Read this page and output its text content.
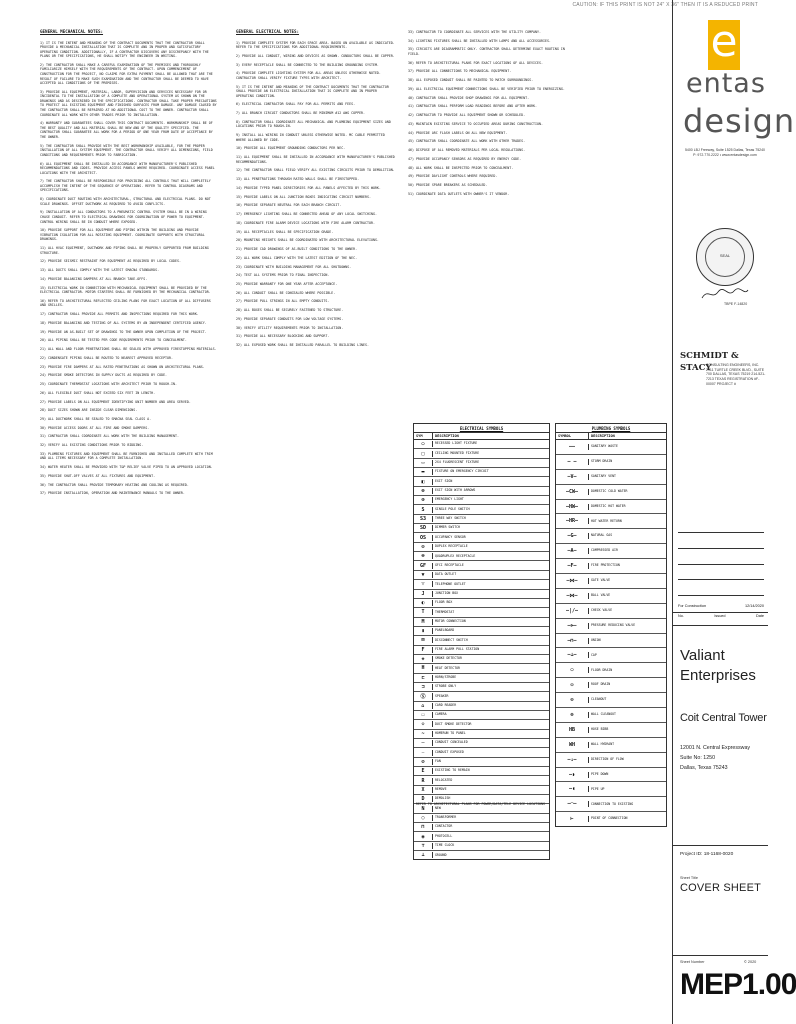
CAUTION: IF THIS PRINT IS NOT 24" X 36" THEN IT IS A REDUCED PRINT
GENERAL MECHANICAL NOTES:

1) IT IS THE INTENT AND MEANING OF THE CONTRACT DOCUMENTS THAT THE CONTRACTOR SHALL PROVIDE A MECHANICAL INSTALLATION THAT IS COMPLETE AND IN PROPER AND SATISFACTORY OPERATING CONDITION. ADDITIONALLY, IF A CONTRACTOR DISCOVERS ANY DISCREPANCY WITH THE PLANS OR THE SPECIFICATIONS, HE SHALL NOTIFY THE ENGINEER IN WRITING.

2) THE CONTRACTOR SHALL MAKE A CAREFUL EXAMINATION OF THE PREMISES AND THOROUGHLY FAMILIARIZE HIMSELF WITH THE REQUIREMENTS OF THE CONTRACT. UPON COMMENCEMENT OF CONSTRUCTION FOR THE PROJECT, NO CLAIMS FOR EXTRA PAYMENT SHALL BE ALLOWED THAT ARE THE RESULT OF FAILURE TO MAKE SUCH EXAMINATION AND THE CONTRACTOR SHALL BE DEEMED TO HAVE ACCEPTED ALL CONDITIONS OF THE PREMISES.

3) PROVIDE ALL EQUIPMENT, MATERIAL, LABOR, SUPERVISION AND SERVICES NECESSARY FOR OR INCIDENTAL TO THE INSTALLATION OF A COMPLETE AND OPERATIONAL SYSTEM AS SHOWN ON THE DRAWINGS AND AS DESCRIBED IN THE SPECIFICATIONS. CONTRACTOR SHALL TAKE PROPER PRECAUTIONS TO PROTECT ALL EXISTING EQUIPMENT AND FINISHED SURFACES FROM DAMAGE. ANY DAMAGE CAUSED BY THE CONTRACTOR SHALL BE REPAIRED AT NO ADDITIONAL COST TO THE OWNER. CONTRACTOR SHALL COORDINATE ALL WORK WITH OTHER TRADES PRIOR TO INSTALLATION.

4) WARRANTY AND GUARANTEES SHALL COVER THIS CONTRACT DOCUMENTS. WORKMANSHIP SHALL BE OF THE BEST QUALITY AND ALL MATERIAL SHALL BE NEW AND OF THE QUALITY SPECIFIED. THE CONTRACTOR SHALL GUARANTEE ALL WORK FOR A PERIOD OF ONE YEAR FROM DATE OF ACCEPTANCE BY THE OWNER.

5) THE CONTRACTOR SHALL PROVIDE WITH THE BEST WORKMANSHIP AVAILABLE, FOR THE PROPER INSTALLATION OF ALL SYSTEM EQUIPMENT. THE CONTRACTOR SHALL VERIFY ALL DIMENSIONS, FIELD CONDITIONS AND REQUIREMENTS PRIOR TO FABRICATION.

6) ALL EQUIPMENT SHALL BE INSTALLED IN ACCORDANCE WITH MANUFACTURER'S PUBLISHED RECOMMENDATIONS AND CODES. PROVIDE ACCESS PANELS WHERE REQUIRED. COORDINATE ACCESS PANEL LOCATIONS WITH THE ARCHITECT.

7) THE CONTRACTOR SHALL BE RESPONSIBLE FOR PROVIDING ALL CONTROLS THAT WILL COMPLETELY ACCOMPLISH THE INTENT OF THE SEQUENCE OF OPERATIONS. REFER TO CONTROL DIAGRAMS AND SPECIFICATIONS.

8) COORDINATE DUCT ROUTING WITH ARCHITECTURAL, STRUCTURAL AND ELECTRICAL PLANS. DO NOT SCALE DRAWINGS. OFFSET DUCTWORK AS REQUIRED TO AVOID CONFLICTS.

9) INSTALLATION OF ALL CONDUCTORS TO A PNEUMATIC CONTROL SYSTEM SHALL BE IN A WIRING CHASE CONDUIT. REFER TO ELECTRICAL DRAWINGS FOR COORDINATION OF POWER TO EQUIPMENT. CONTROL WIRING SHALL BE IN CONDUIT WHERE EXPOSED.

10) PROVIDE SUPPORT FOR ALL EQUIPMENT AND PIPING WITHIN THE BUILDING AND PROVIDE VIBRATION ISOLATION FOR ALL ROTATING EQUIPMENT. COORDINATE SUPPORTS WITH STRUCTURAL DRAWINGS.

11) ALL HVAC EQUIPMENT, DUCTWORK AND PIPING SHALL BE PROPERLY SUPPORTED FROM BUILDING STRUCTURE.

12) PROVIDE SEISMIC RESTRAINT FOR EQUIPMENT AS REQUIRED BY LOCAL CODES.

13) ALL DUCTS SHALL COMPLY WITH THE LATEST SMACNA STANDARDS.

14) PROVIDE BALANCING DAMPERS AT ALL BRANCH TAKE-OFFS.

15) ELECTRICAL WORK IN CONNECTION WITH MECHANICAL EQUIPMENT SHALL BE PROVIDED BY THE ELECTRICAL CONTRACTOR. MOTOR STARTERS SHALL BE FURNISHED BY THE MECHANICAL CONTRACTOR.

16) REFER TO ARCHITECTURAL REFLECTED CEILING PLANS FOR EXACT LOCATION OF ALL DIFFUSERS AND GRILLES.

17) CONTRACTOR SHALL PROVIDE ALL PERMITS AND INSPECTIONS REQUIRED FOR THIS WORK.

18) PROVIDE BALANCING AND TESTING OF ALL SYSTEMS BY AN INDEPENDENT CERTIFIED AGENCY.

19) PROVIDE AN AS-BUILT SET OF DRAWINGS TO THE OWNER UPON COMPLETION OF THE PROJECT.

20) ALL PIPING SHALL BE TESTED PER CODE REQUIREMENTS PRIOR TO CONCEALMENT.

21) ALL WALL AND FLOOR PENETRATIONS SHALL BE SEALED WITH APPROVED FIRESTOPPING MATERIALS.

22) CONDENSATE PIPING SHALL BE ROUTED TO NEAREST APPROVED RECEPTOR.

23) PROVIDE FIRE DAMPERS AT ALL RATED PENETRATIONS AS SHOWN ON ARCHITECTURAL PLANS.

24) PROVIDE SMOKE DETECTORS IN SUPPLY DUCTS AS REQUIRED BY CODE.

25) COORDINATE THERMOSTAT LOCATIONS WITH ARCHITECT PRIOR TO ROUGH-IN.

26) ALL FLEXIBLE DUCT SHALL NOT EXCEED SIX FEET IN LENGTH.

27) PROVIDE LABELS ON ALL EQUIPMENT IDENTIFYING UNIT NUMBER AND AREA SERVED.

28) DUCT SIZES SHOWN ARE INSIDE CLEAR DIMENSIONS.

29) ALL DUCTWORK SHALL BE SEALED TO SMACNA SEAL CLASS A.

30) PROVIDE ACCESS DOORS AT ALL FIRE AND SMOKE DAMPERS.

31) CONTRACTOR SHALL COORDINATE ALL WORK WITH THE BUILDING MANAGEMENT.

32) VERIFY ALL EXISTING CONDITIONS PRIOR TO BIDDING.

33) PLUMBING FIXTURES AND EQUIPMENT SHALL BE FURNISHED AND INSTALLED COMPLETE WITH TRIM AND ALL ITEMS NECESSARY FOR A COMPLETE INSTALLATION.

34) WATER HEATER SHALL BE PROVIDED WITH T&P RELIEF VALVE PIPED TO AN APPROVED LOCATION.

35) PROVIDE SHUT-OFF VALVES AT ALL FIXTURES AND EQUIPMENT.

36) THE CONTRACTOR SHALL PROVIDE TEMPORARY HEATING AND COOLING AS REQUIRED.

37) PROVIDE INSTALLATION, OPERATION AND MAINTENANCE MANUALS TO THE OWNER.

GENERAL ELECTRICAL NOTES:

1) PROVIDE COMPLETE SYSTEM FOR EACH SPACE AREA. BASED ON AVAILABLE AS INDICATED. REFER TO THE SPECIFICATIONS FOR ADDITIONAL REQUIREMENTS.

2) PROVIDE ALL CONDUIT, WIRING AND DEVICES AS SHOWN. CONDUCTORS SHALL BE COPPER.

3) EVERY RECEPTACLE SHALL BE CONNECTED TO THE BUILDING GROUNDING SYSTEM.

4) PROVIDE COMPLETE LIGHTING SYSTEM FOR ALL AREAS UNLESS OTHERWISE NOTED. CONTRACTOR SHALL VERIFY FIXTURE TYPES WITH ARCHITECT.

5) IT IS THE INTENT AND MEANING OF THE CONTRACT DOCUMENTS THAT THE CONTRACTOR SHALL PROVIDE AN ELECTRICAL INSTALLATION THAT IS COMPLETE AND IN PROPER OPERATING CONDITION.

6) ELECTRICAL CONTRACTOR SHALL PAY FOR ALL PERMITS AND FEES.

7) ALL BRANCH CIRCUIT CONDUCTORS SHALL BE MINIMUM #12 AWG COPPER.

8) CONTRACTOR SHALL COORDINATE ALL MECHANICAL AND PLUMBING EQUIPMENT SIZES AND LOCATIONS PRIOR TO ROUGH-IN.

9) INSTALL ALL WIRING IN CONDUIT UNLESS OTHERWISE NOTED. MC CABLE PERMITTED WHERE ALLOWED BY CODE.

10) PROVIDE ALL EQUIPMENT GROUNDING CONDUCTORS PER NEC.

11) ALL EQUIPMENT SHALL BE INSTALLED IN ACCORDANCE WITH MANUFACTURER'S PUBLISHED RECOMMENDATIONS.

12) THE CONTRACTOR SHALL FIELD VERIFY ALL EXISTING CIRCUITS PRIOR TO DEMOLITION.

13) ALL PENETRATIONS THROUGH RATED WALLS SHALL BE FIRESTOPPED.

14) PROVIDE TYPED PANEL DIRECTORIES FOR ALL PANELS AFFECTED BY THIS WORK.

15) PROVIDE LABELS ON ALL JUNCTION BOXES INDICATING CIRCUIT NUMBERS.

16) PROVIDE SEPARATE NEUTRAL FOR EACH BRANCH CIRCUIT.

17) EMERGENCY LIGHTING SHALL BE CONNECTED AHEAD OF ANY LOCAL SWITCHING.

18) COORDINATE FIRE ALARM DEVICE LOCATIONS WITH FIRE ALARM CONTRACTOR.

19) ALL RECEPTACLES SHALL BE SPECIFICATION GRADE.

20) MOUNTING HEIGHTS SHALL BE COORDINATED WITH ARCHITECTURAL ELEVATIONS.

21) PROVIDE CAD DRAWINGS OF AS-BUILT CONDITIONS TO THE OWNER.

22) ALL WORK SHALL COMPLY WITH THE LATEST EDITION OF THE NEC.

23) COORDINATE WITH BUILDING MANAGEMENT FOR ALL SHUTDOWNS.

24) TEST ALL SYSTEMS PRIOR TO FINAL INSPECTION.

25) PROVIDE WARRANTY FOR ONE YEAR AFTER ACCEPTANCE.

26) ALL CONDUIT SHALL BE CONCEALED WHERE POSSIBLE.

27) PROVIDE PULL STRINGS IN ALL EMPTY CONDUITS.

28) ALL BOXES SHALL BE SECURELY FASTENED TO STRUCTURE.

29) PROVIDE SEPARATE CONDUITS FOR LOW VOLTAGE SYSTEMS.

30) VERIFY UTILITY REQUIREMENTS PRIOR TO INSTALLATION.

31) PROVIDE ALL NECESSARY BLOCKING AND SUPPORT.

32) ALL EXPOSED WORK SHALL BE INSTALLED PARALLEL TO BUILDING LINES.

33) CONTRACTOR TO COORDINATE ALL SERVICES WITH THE UTILITY COMPANY.

34) LIGHTING FIXTURES SHALL BE INSTALLED WITH LAMPS AND ALL ACCESSORIES.

35) CIRCUITS ARE DIAGRAMMATIC ONLY. CONTRACTOR SHALL DETERMINE EXACT ROUTING IN FIELD.

36) REFER TO ARCHITECTURAL PLANS FOR EXACT LOCATIONS OF ALL DEVICES.

37) PROVIDE ALL CONNECTIONS TO MECHANICAL EQUIPMENT.

38) ALL EXPOSED CONDUIT SHALL BE PAINTED TO MATCH SURROUNDINGS.

39) ALL ELECTRICAL EQUIPMENT CONNECTIONS SHALL BE VERIFIED PRIOR TO ENERGIZING.

40) CONTRACTOR SHALL PROVIDE SHOP DRAWINGS FOR ALL EQUIPMENT.

41) CONTRACTOR SHALL PERFORM LOAD READINGS BEFORE AND AFTER WORK.

42) CONTRACTOR TO PROVIDE ALL EQUIPMENT SHOWN OR SCHEDULED.

43) MAINTAIN EXISTING SERVICE TO OCCUPIED AREAS DURING CONSTRUCTION.

44) PROVIDE ARC FLASH LABELS ON ALL NEW EQUIPMENT.

45) CONTRACTOR SHALL COORDINATE ALL WORK WITH OTHER TRADES.

46) DISPOSE OF ALL REMOVED MATERIALS PER LOCAL REGULATIONS.

47) PROVIDE OCCUPANCY SENSORS AS REQUIRED BY ENERGY CODE.

48) ALL WORK SHALL BE INSPECTED PRIOR TO CONCEALMENT.

49) PROVIDE DAYLIGHT CONTROLS WHERE REQUIRED.

50) PROVIDE SPARE BREAKERS AS SCHEDULED.

51) COORDINATE DATA OUTLETS WITH OWNER'S IT VENDOR.

ELECTRICAL SYMBOLS
SYM	DESCRIPTION
○	RECESSED LIGHT FIXTURE
□	CEILING MOUNTED FIXTURE
▭	2X4 FLUORESCENT FIXTURE
▬	FIXTURE ON EMERGENCY CIRCUIT
◧	EXIT SIGN
⊗	EXIT SIGN WITH ARROWS
⊕	EMERGENCY LIGHT
S	SINGLE POLE SWITCH
S3	THREE WAY SWITCH
SD	DIMMER SWITCH
OS	OCCUPANCY SENSOR
⊖	DUPLEX RECEPTACLE
⊜	QUADRUPLEX RECEPTACLE
GF	GFCI RECEPTACLE
▼	DATA OUTLET
▽	TELEPHONE OUTLET
J	JUNCTION BOX
◐	FLOOR BOX
T	THERMOSTAT
M	MOTOR CONNECTION
▮	PANELBOARD
⊠	DISCONNECT SWITCH
F	FIRE ALARM PULL STATION
◈	SMOKE DETECTOR
H	HEAT DETECTOR
⊏	HORN/STROBE
⊐	STROBE ONLY
Ⓢ	SPEAKER
⌂	CARD READER
☐	CAMERA
◇	DUCT SMOKE DETECTOR
~	HOMERUN TO PANEL
─	CONDUIT CONCEALED
┄	CONDUIT EXPOSED
⊘	FAN
E	EXISTING TO REMAIN
R	RELOCATED
X	REMOVE
D	DEMOLISH
N	NEW
◯	TRANSFORMER
⊓	CONTACTOR
◉	PHOTOCELL
⊤	TIME CLOCK
⊥	GROUND
REFER TO ARCHITECTURAL PLANS FOR POWER/DATA/TELE DEVICE LOCATIONS
PLUMBING SYMBOLS
SYMBOL	DESCRIPTION
——	SANITARY WASTE
– –	STORM DRAIN
—V—	SANITARY VENT
—CW—	DOMESTIC COLD WATER
—HW—	DOMESTIC HOT WATER
—HR—	HOT WATER RETURN
—G—	NATURAL GAS
—A—	COMPRESSED AIR
—F—	FIRE PROTECTION
—⋈—	GATE VALVE
—⋈—	BALL VALVE
—|/—	CHECK VALVE
—⊳—	PRESSURE REDUCING VALVE
—⊓—	UNION
—⊥—	CAP
○	FLOOR DRAIN
◎	ROOF DRAIN
⊙	CLEANOUT
⊚	WALL CLEANOUT
HB	HOSE BIBB
WH	WALL HYDRANT
—↓—	DIRECTION OF FLOW
—◗	PIPE DOWN
—◖	PIPE UP
—◠—	CONNECTION TO EXISTING
⊢	POINT OF CONNECTION
e
entas
design
5400 LBJ Freeway, Suite 1525 Dallas, Texas 75240
P: 972.770.2222 • www.entasdesign.com
SEAL
TBPE F-14820
SCHMIDT & STACY
CONSULTING ENGINEERS, INC.
2911 TURTLE CREEK BLVD., SUITE 700 DALLAS, TEXAS 75219 214-521-7213 TEXAS REGISTRATION #F-00007 PROJECT #
For Construction	12/14/2020
No.	Issued	Date
Valiant Enterprises
Coit Central Tower
12001 N. Central Expressway
Suite No: 1250
Dallas, Texas 75243
Project ID: 18-1168-0020
Sheet Title
COVER SHEET
Sheet Number	© 2020
MEP1.00
